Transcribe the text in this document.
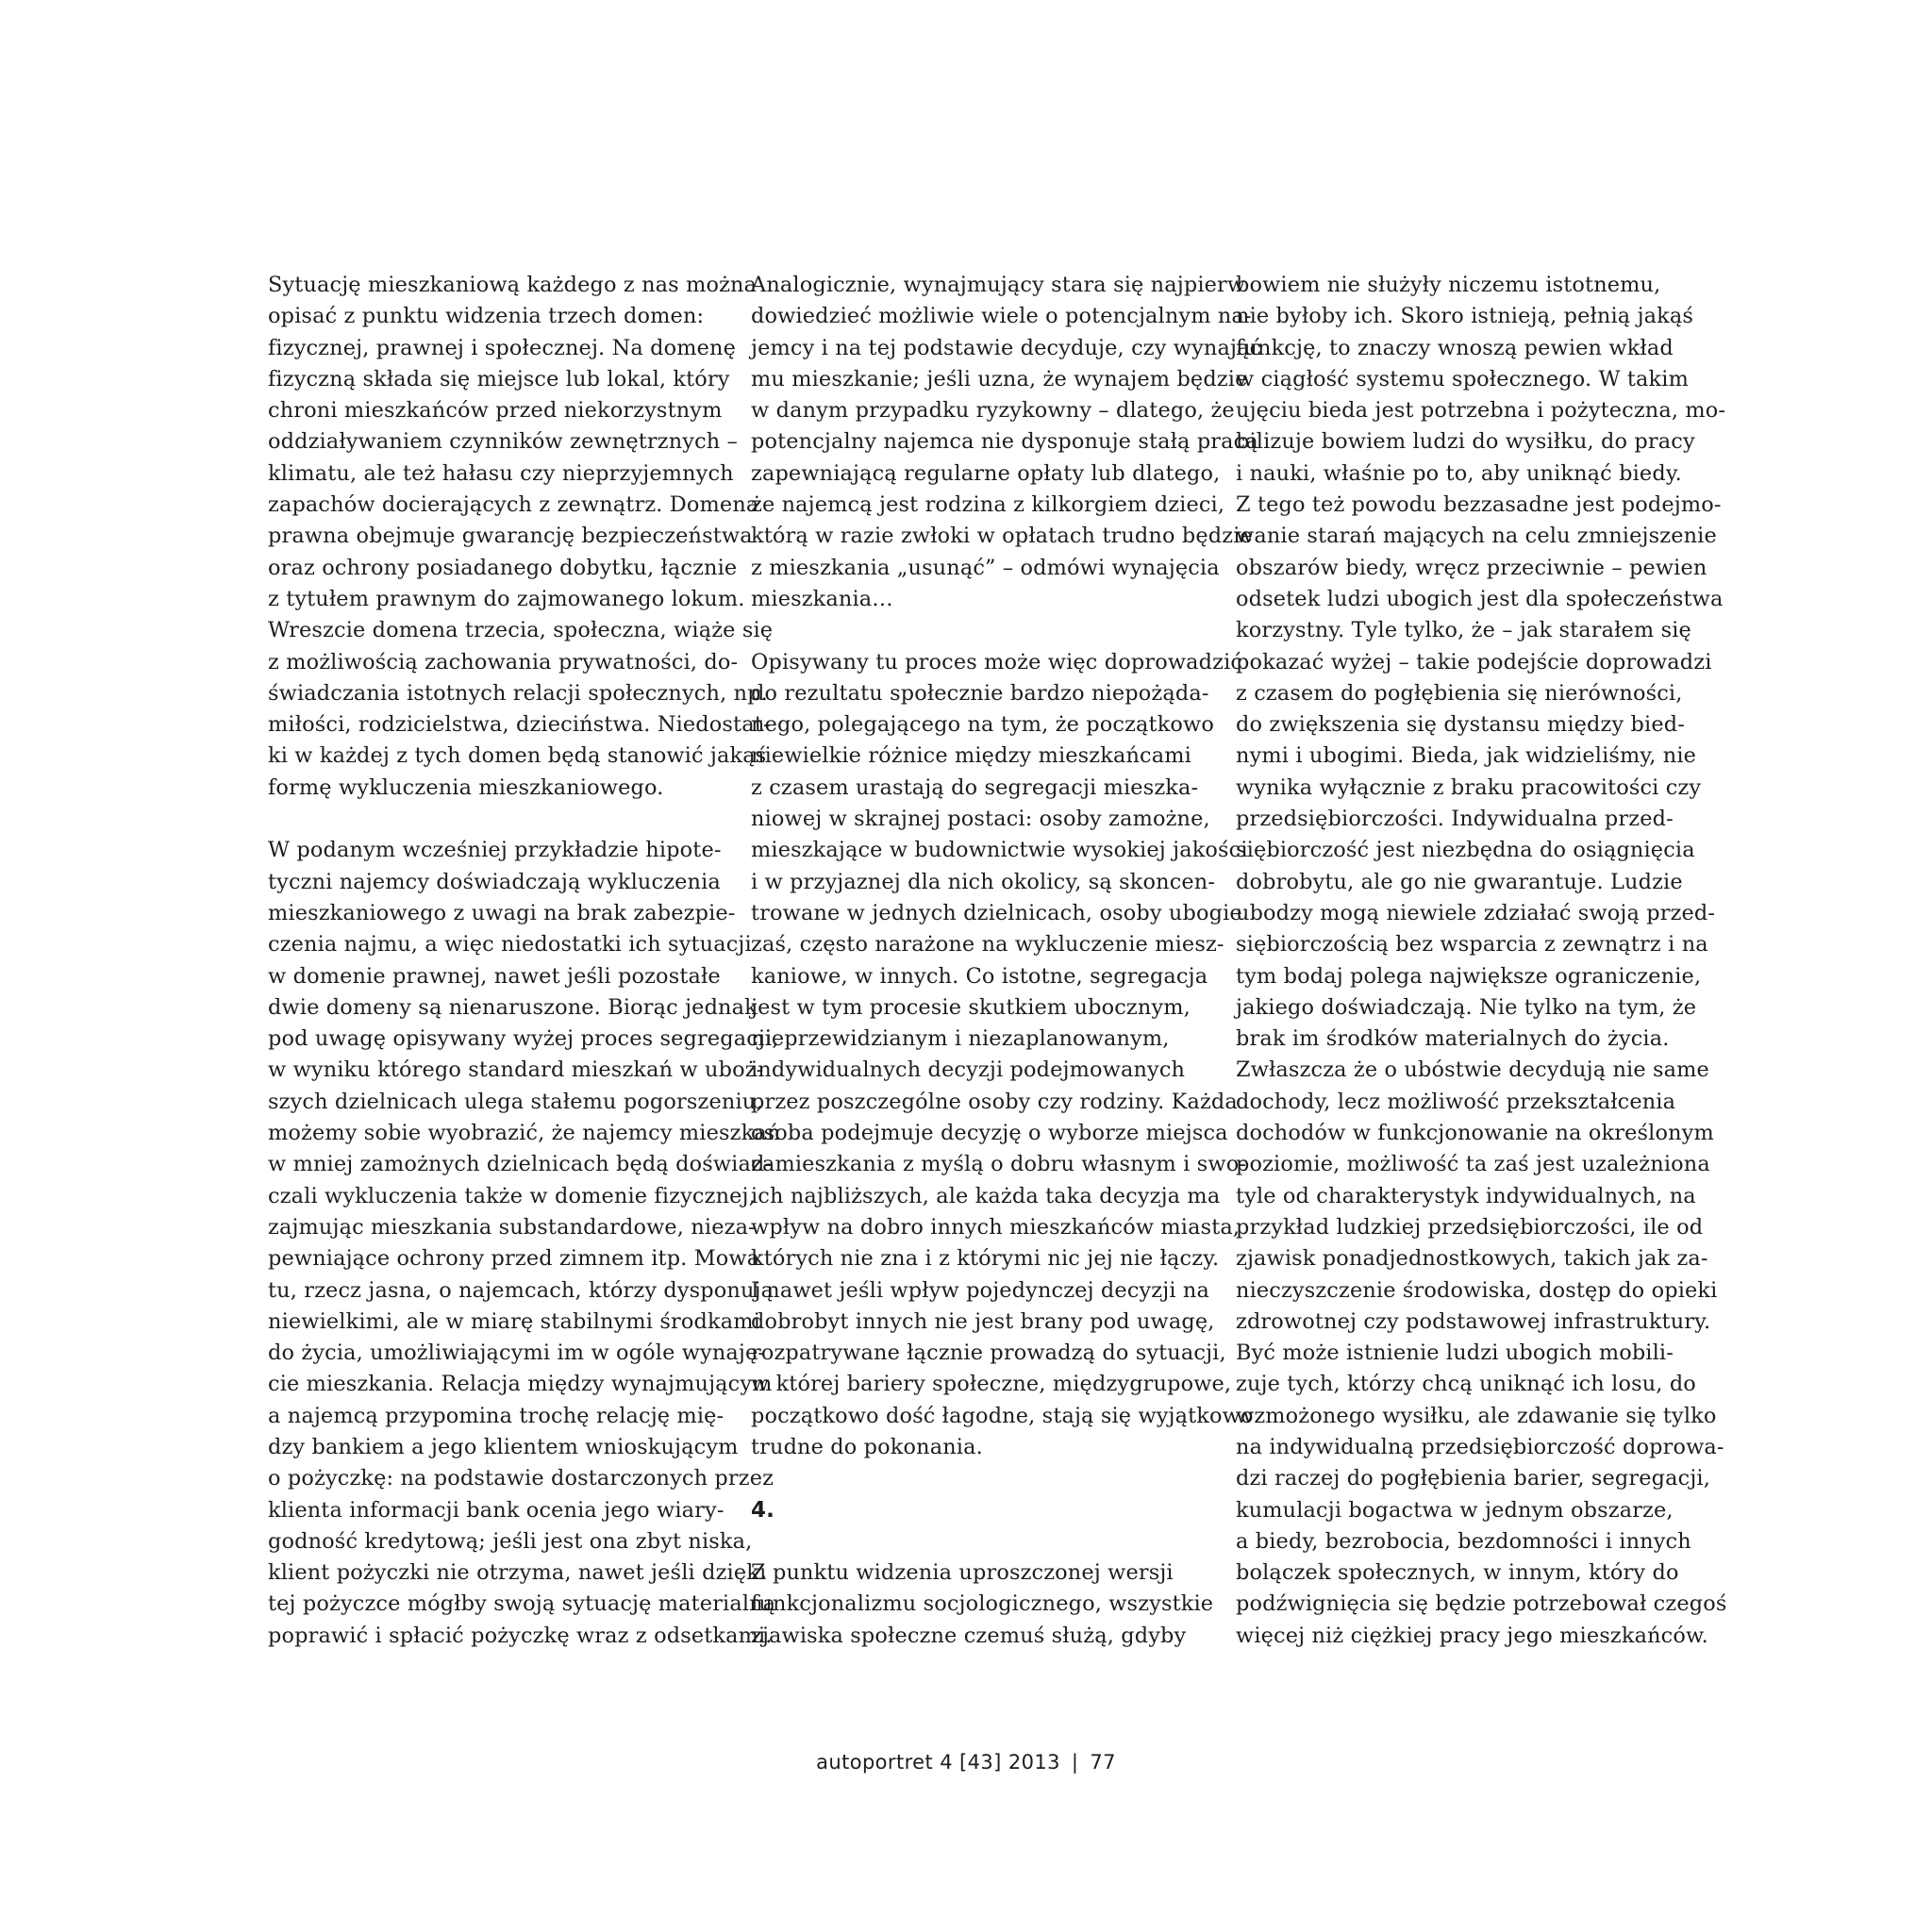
Sytuację mieszkaniową każdego z nas można
opisać z punktu widzenia trzech domen:
fizycznej, prawnej i społecznej. Na domenę
fizyczną składa się miejsce lub lokal, który
chroni mieszkańców przed niekorzystnym
oddziaływaniem czynników zewnętrznych –
klimatu, ale też hałasu czy nieprzyjemnych
zapachów docierających z zewnątrz. Domena
prawna obejmuje gwarancję bezpieczeństwa
oraz ochrony posiadanego dobytku, łącznie
z tytułem prawnym do zajmowanego lokum.
Wreszcie domena trzecia, społeczna, wiąże się
z możliwością zachowania prywatności, do-
świadczania istotnych relacji społecznych, np.
miłości, rodzicielstwa, dzieciństwa. Niedostat-
ki w każdej z tych domen będą stanowić jakąś
formę wykluczenia mieszkaniowego.
W podanym wcześniej przykładzie hipote-
tyczni najemcy doświadczają wykluczenia
mieszkaniowego z uwagi na brak zabezpie-
czenia najmu, a więc niedostatki ich sytuacji
w domenie prawnej, nawet jeśli pozostałe
dwie domeny są nienaruszone. Biorąc jednak
pod uwagę opisywany wyżej proces segregacji,
w wyniku którego standard mieszkań w uboż-
szych dzielnicach ulega stałemu pogorszeniu,
możemy sobie wyobrazić, że najemcy mieszkań
w mniej zamożnych dzielnicach będą doświad-
czali wykluczenia także w domenie fizycznej,
zajmując mieszkania substandardowe, nieza-
pewniające ochrony przed zimnem itp. Mowa
tu, rzecz jasna, o najemcach, którzy dysponują
niewielkimi, ale w miarę stabilnymi środkami
do życia, umożliwiającymi im w ogóle wynaję-
cie mieszkania. Relacja między wynajmującym
a najemcą przypomina trochę relację mię-
dzy bankiem a jego klientem wnioskującym
o pożyczkę: na podstawie dostarczonych przez
klienta informacji bank ocenia jego wiary-
godność kredytową; jeśli jest ona zbyt niska,
klient pożyczki nie otrzyma, nawet jeśli dzięki
tej pożyczce mógłby swoją sytuację materialną
poprawić i spłacić pożyczkę wraz z odsetkami.
Analogicznie, wynajmujący stara się najpierw
dowiedzieć możliwie wiele o potencjalnym na-
jemcy i na tej podstawie decyduje, czy wynająć
mu mieszkanie; jeśli uzna, że wynajem będzie
w danym przypadku ryzykowny – dlatego, że
potencjalny najemca nie dysponuje stałą pracą
zapewniającą regularne opłaty lub dlatego,
że najemcą jest rodzina z kilkorgiem dzieci,
którą w razie zwłoki w opłatach trudno będzie
z mieszkania „usunąć” – odmówi wynajęcia
mieszkania…
Opisywany tu proces może więc doprowadzić
do rezultatu społecznie bardzo niepożąda-
nego, polegającego na tym, że początkowo
niewielkie różnice między mieszkańcami
z czasem urastają do segregacji mieszka-
niowej w skrajnej postaci: osoby zamożne,
mieszkające w budownictwie wysokiej jakości
i w przyjaznej dla nich okolicy, są skoncen-
trowane w jednych dzielnicach, osoby ubogie
zaś, często narażone na wykluczenie miesz-
kaniowe, w innych. Co istotne, segregacja
jest w tym procesie skutkiem ubocznym,
nieprzewidzianym i niezaplanowanym,
indywidualnych decyzji podejmowanych
przez poszczególne osoby czy rodziny. Każda
osoba podejmuje decyzję o wyborze miejsca
zamieszkania z myślą o dobru własnym i swo-
ich najbliższych, ale każda taka decyzja ma
wpływ na dobro innych mieszkańców miasta,
których nie zna i z którymi nic jej nie łączy.
I nawet jeśli wpływ pojedynczej decyzji na
dobrobyt innych nie jest brany pod uwagę,
rozpatrywane łącznie prowadzą do sytuacji,
w której bariery społeczne, międzygrupowe,
początkowo dość łagodne, stają się wyjątkowo
trudne do pokonania.
4.
Z punktu widzenia uproszczonej wersji
funkcjonalizmu socjologicznego, wszystkie
zjawiska społeczne czemuś służą, gdyby
bowiem nie służyły niczemu istotnemu,
nie byłoby ich. Skoro istnieją, pełnią jakąś
funkcję, to znaczy wnoszą pewien wkład
w ciągłość systemu społecznego. W takim
ujęciu bieda jest potrzebna i pożyteczna, mo-
bilizuje bowiem ludzi do wysiłku, do pracy
i nauki, właśnie po to, aby uniknąć biedy.
Z tego też powodu bezzasadne jest podejmo-
wanie starań mających na celu zmniejszenie
obszarów biedy, wręcz przeciwnie – pewien
odsetek ludzi ubogich jest dla społeczeństwa
korzystny. Tyle tylko, że – jak starałem się
pokazać wyżej – takie podejście doprowadzi
z czasem do pogłębienia się nierówności,
do zwiększenia się dystansu między bied-
nymi i ubogimi. Bieda, jak widzieliśmy, nie
wynika wyłącznie z braku pracowitości czy
przedsiębiorczości. Indywidualna przed-
siębiorczość jest niezbędna do osiągnięcia
dobrobytu, ale go nie gwarantuje. Ludzie
ubodzy mogą niewiele zdziałać swoją przed-
siębiorczością bez wsparcia z zewnątrz i na
tym bodaj polega największe ograniczenie,
jakiego doświadczają. Nie tylko na tym, że
brak im środków materialnych do życia.
Zwłaszcza że o ubóstwie decydują nie same
dochody, lecz możliwość przekształcenia
dochodów w funkcjonowanie na określonym
poziomie, możliwość ta zaś jest uzależniona
tyle od charakterystyk indywidualnych, na
przykład ludzkiej przedsiębiorczości, ile od
zjawisk ponadjednostkowych, takich jak za-
nieczyszczenie środowiska, dostęp do opieki
zdrowotnej czy podstawowej infrastruktury.
Być może istnienie ludzi ubogich mobili-
zuje tych, którzy chcą uniknąć ich losu, do
wzmożonego wysiłku, ale zdawanie się tylko
na indywidualną przedsiębiorczość doprowa-
dzi raczej do pogłębienia barier, segregacji,
kumulacji bogactwa w jednym obszarze,
a biedy, bezrobocia, bezdomności i innych
bolączek społecznych, w innym, który do
podźwignięcia się będzie potrzebował czegoś
więcej niż ciężkiej pracy jego mieszkańców.
autoportret 4 [43] 2013 | 77
